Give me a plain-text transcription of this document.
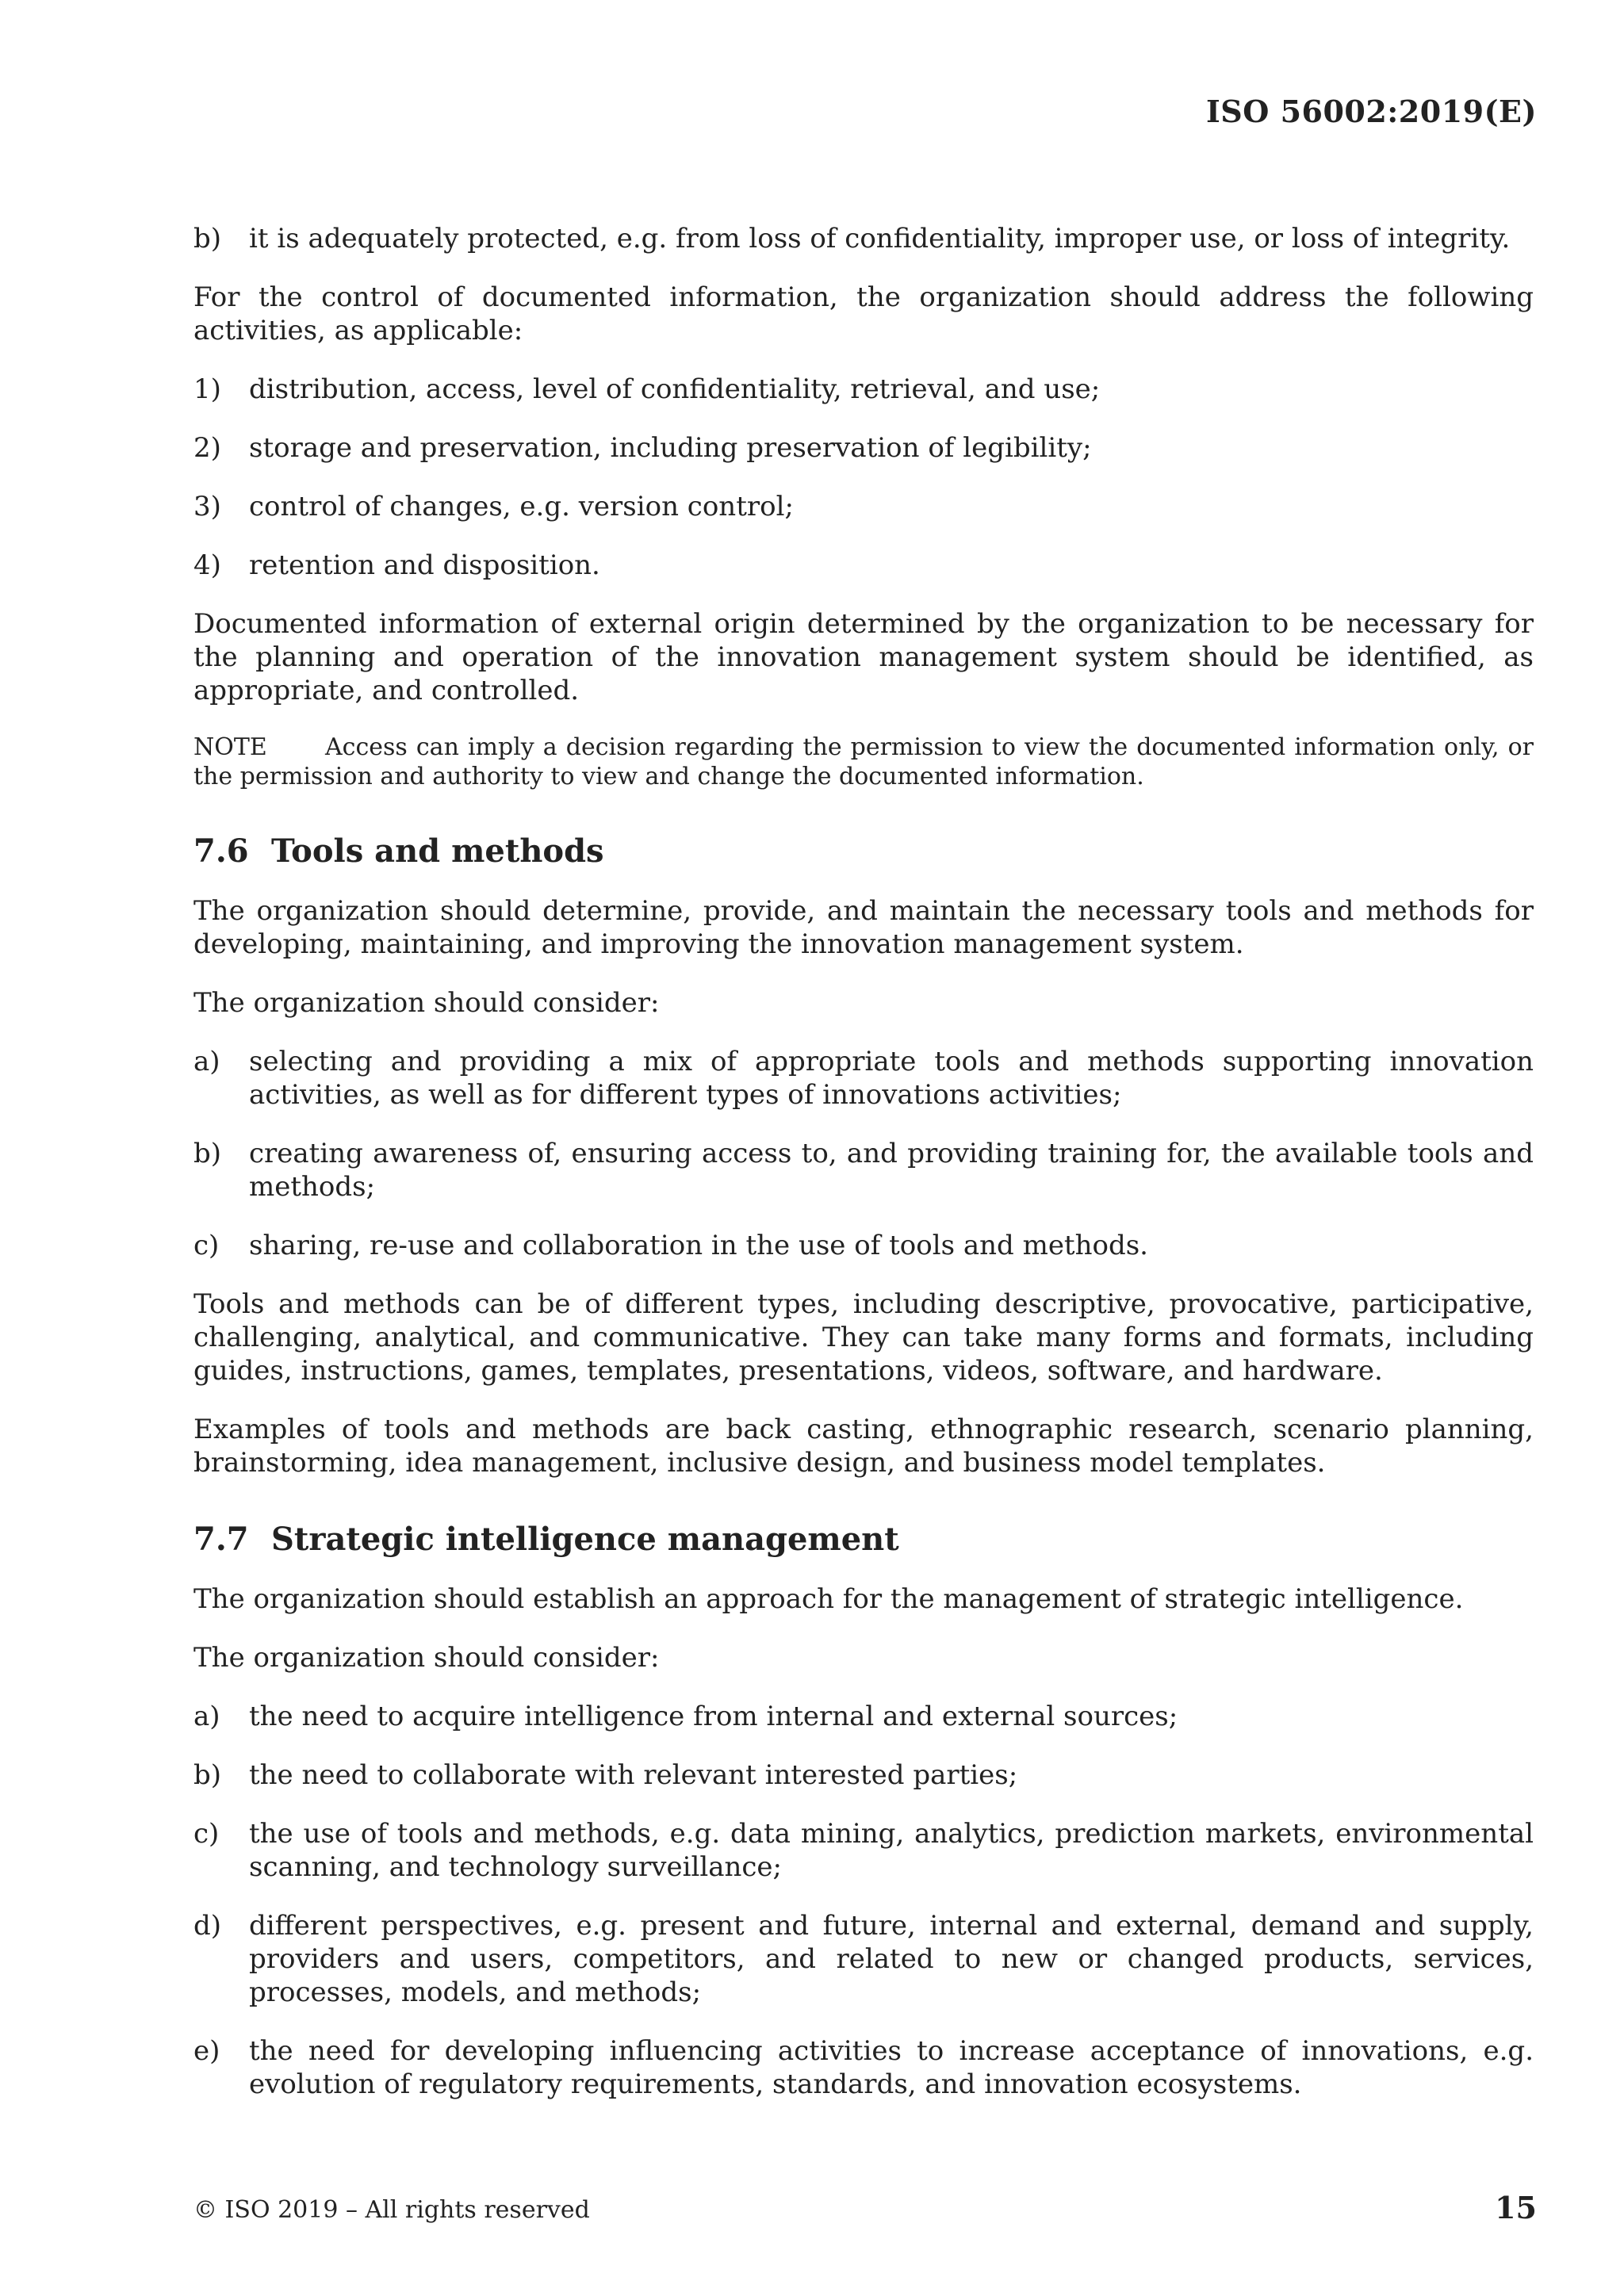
ISO 56002:2019(E)
b) it is adequately protected, e.g. from loss of confidentiality, improper use, or loss of integrity.

For the control of documented information, the organization should address the following activities, as applicable:

1) distribution, access, level of confidentiality, retrieval, and use;
2) storage and preservation, including preservation of legibility;
3) control of changes, e.g. version control;
4) retention and disposition.

Documented information of external origin determined by the organization to be necessary for the planning and operation of the innovation management system should be identified, as appropriate, and controlled.

NOTE Access can imply a decision regarding the permission to view the documented information only, or the permission and authority to view and change the documented information.

7.6 Tools and methods

The organization should determine, provide, and maintain the necessary tools and methods for developing, maintaining, and improving the innovation management system.

The organization should consider:

a) selecting and providing a mix of appropriate tools and methods supporting innovation activities, as well as for different types of innovations activities;
b) creating awareness of, ensuring access to, and providing training for, the available tools and methods;
c) sharing, re-use and collaboration in the use of tools and methods.

Tools and methods can be of different types, including descriptive, provocative, participative, challenging, analytical, and communicative. They can take many forms and formats, including guides, instructions, games, templates, presentations, videos, software, and hardware.

Examples of tools and methods are back casting, ethnographic research, scenario planning, brainstorming, idea management, inclusive design, and business model templates.

7.7 Strategic intelligence management

The organization should establish an approach for the management of strategic intelligence.

The organization should consider:

a) the need to acquire intelligence from internal and external sources;
b) the need to collaborate with relevant interested parties;
c) the use of tools and methods, e.g. data mining, analytics, prediction markets, environmental scanning, and technology surveillance;
d) different perspectives, e.g. present and future, internal and external, demand and supply, providers and users, competitors, and related to new or changed products, services, processes, models, and methods;
e) the need for developing influencing activities to increase acceptance of innovations, e.g. evolution of regulatory requirements, standards, and innovation ecosystems.
© ISO 2019 – All rights reserved	15
